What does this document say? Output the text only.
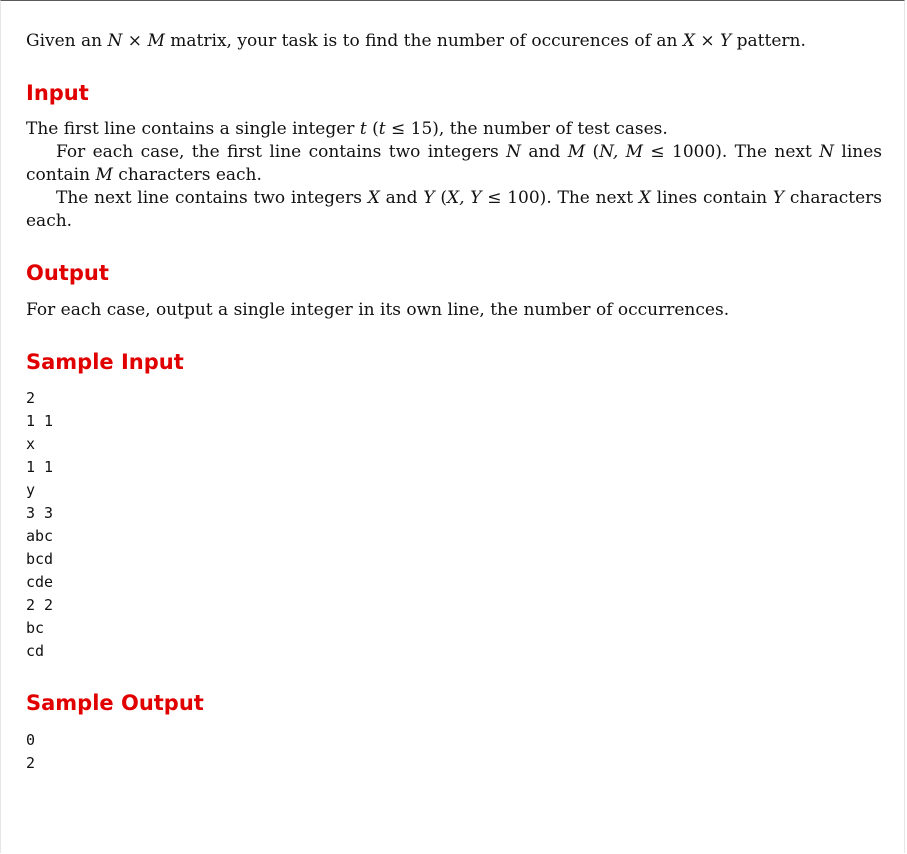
Given an N × M matrix, your task is to find the number of occurences of an X × Y pattern.

Input

The first line contains a single integer t (t ≤ 15), the number of test cases.

For each case, the first line contains two integers N and M (N, M ≤ 1000). The next N lines contain M characters each.

The next line contains two integers X and Y (X, Y ≤ 100). The next X lines contain Y characters each.

Output

For each case, output a single integer in its own line, the number of occurrences.

Sample Input
2
1 1
x
1 1
y
3 3
abc
bcd
cde
2 2
bc
cd
Sample Output
0
2
